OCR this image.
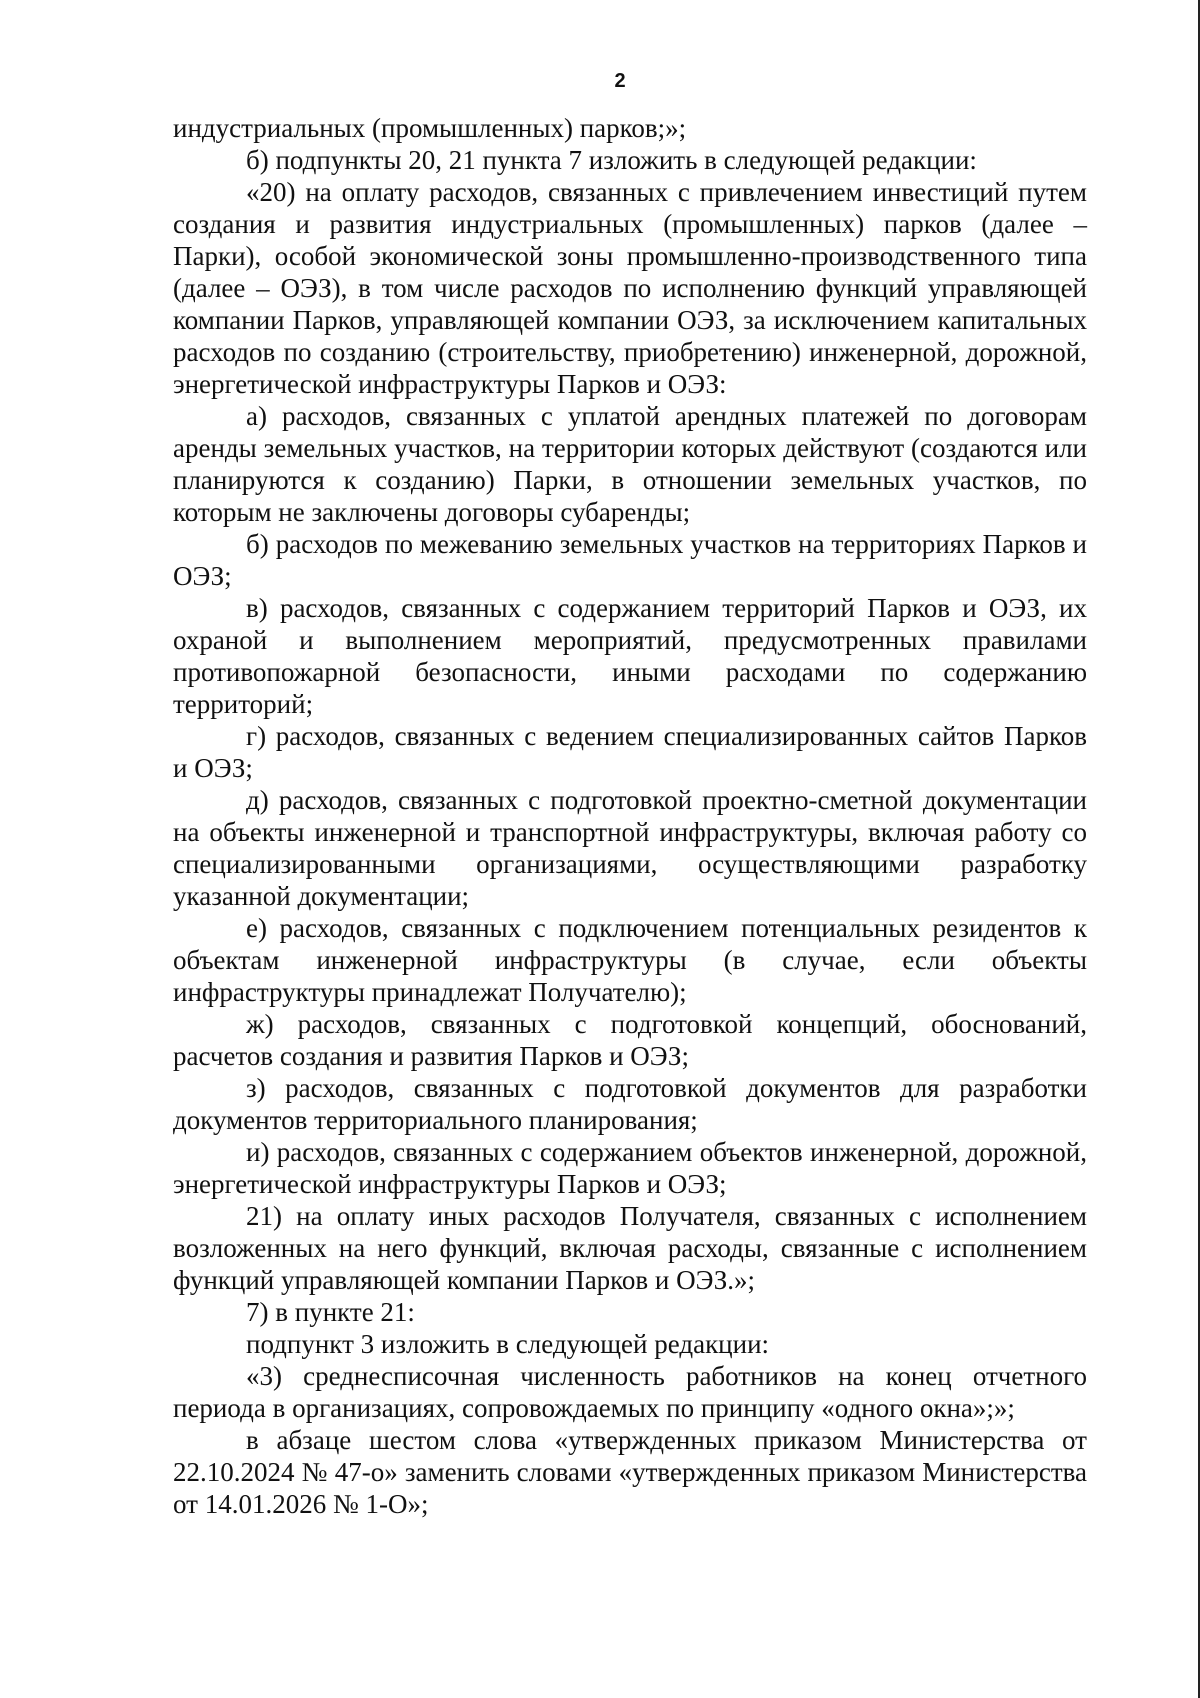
2

индустриальных (промышленных) парков;»;

б) подпункты 20, 21 пункта 7 изложить в следующей редакции:

«20) на оплату расходов, связанных с привлечением инвестиций путем создания и развития индустриальных (промышленных) парков (далее – Парки), особой экономической зоны промышленно-производственного типа (далее – ОЭЗ), в том числе расходов по исполнению функций управляющей компании Парков, управляющей компании ОЭЗ, за исключением капитальных расходов по созданию (строительству, приобретению) инженерной, дорожной, энергетической инфраструктуры Парков и ОЭЗ:

а) расходов, связанных с уплатой арендных платежей по договорам аренды земельных участков, на территории которых действуют (создаются или планируются к созданию) Парки, в отношении земельных участков, по которым не заключены договоры субаренды;

б) расходов по межеванию земельных участков на территориях Парков и ОЭЗ;

в) расходов, связанных с содержанием территорий Парков и ОЭЗ, их охраной и выполнением мероприятий, предусмотренных правилами противопожарной безопасности, иными расходами по содержанию территорий;

г) расходов, связанных с ведением специализированных сайтов Парков и ОЭЗ;

д) расходов, связанных с подготовкой проектно-сметной документации на объекты инженерной и транспортной инфраструктуры, включая работу со специализированными организациями, осуществляющими разработку указанной документации;

е) расходов, связанных с подключением потенциальных резидентов к объектам инженерной инфраструктуры (в случае, если объекты инфраструктуры принадлежат Получателю);

ж) расходов, связанных с подготовкой концепций, обоснований, расчетов создания и развития Парков и ОЭЗ;

з) расходов, связанных с подготовкой документов для разработки документов территориального планирования;

и) расходов, связанных с содержанием объектов инженерной, дорожной, энергетической инфраструктуры Парков и ОЭЗ;

21) на оплату иных расходов Получателя, связанных с исполнением возложенных на него функций, включая расходы, связанные с исполнением функций управляющей компании Парков и ОЭЗ.»;

7) в пункте 21:

подпункт 3 изложить в следующей редакции:

«3) среднесписочная численность работников на конец отчетного периода в организациях, сопровождаемых по принципу «одного окна»;»;

в абзаце шестом слова «утвержденных приказом Министерства от 22.10.2024 № 47-о» заменить словами «утвержденных приказом Министерства от 14.01.2026 № 1-О»;
